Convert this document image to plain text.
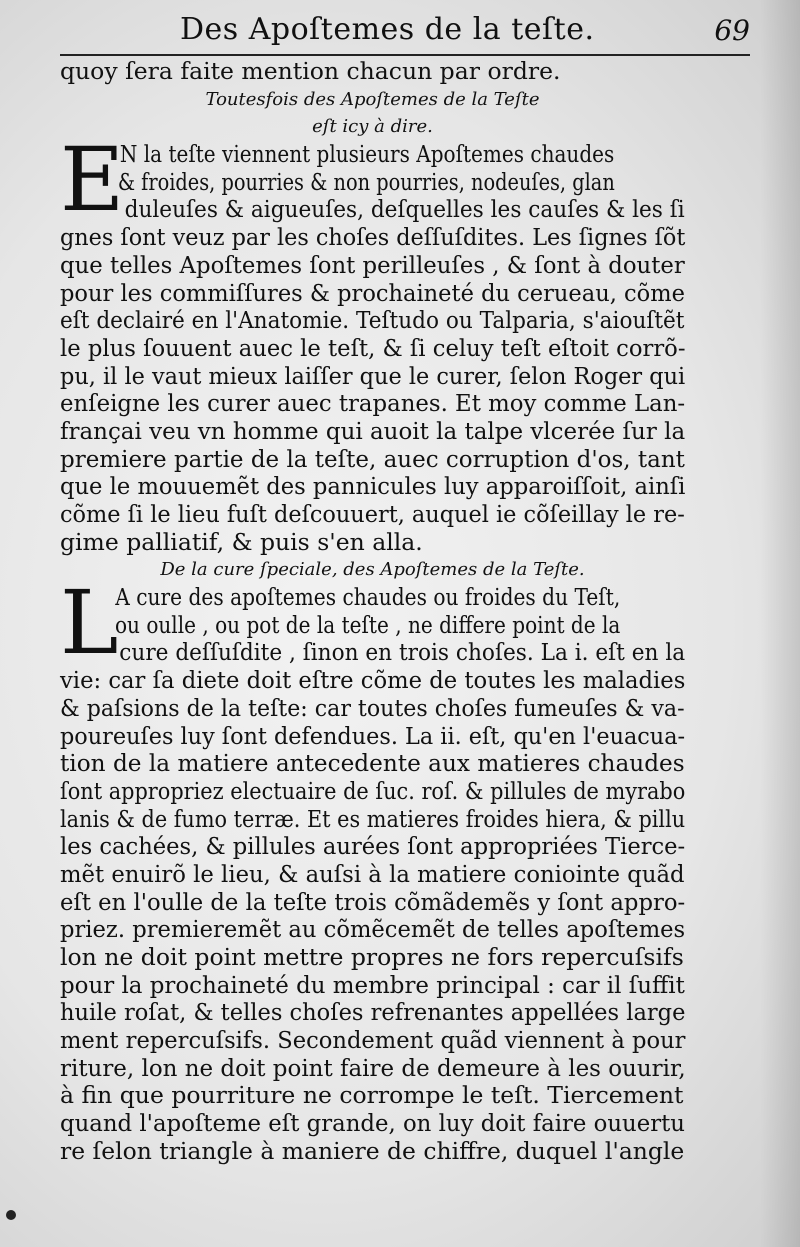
Des Apoſtemes de la teſte.	69
quoy ſera faite mention chacun par ordre.
Toutesfois des Apoſtemes de la Teſte
eſt icy à dire.
E
N la teſte viennent plusieurs Apoſtemes chaudes
& froides, pourries & non pourries, nodeuſes, glan
duleuſes & aigueuſes, deſquelles les cauſes & les ſi
gnes ſont veuz par les choſes deſſuſdites. Les ſignes ſõt
que telles Apoſtemes ſont perilleuſes , & ſont à douter
pour les commiſſures & prochaineté du cerueau, cõme
eſt declairé en l'Anatomie. Teſtudo ou Talparia, s'aiouſtẽt
le plus ſouuent auec le teſt, & ſi celuy teſt eſtoit corrõ-
pu, il le vaut mieux laiſſer que le curer, ſelon Roger qui
enſeigne les curer auec trapanes. Et moy comme Lan-
françai veu vn homme qui auoit la talpe vlcerée ſur la
premiere partie de la teſte, auec corruption d'os, tant
que le mouuemẽt des pannicules luy apparoiſſoit, ainſi
cõme ſi le lieu fuſt deſcouuert, auquel ie cõſeillay le re-
gime palliatif, & puis s'en alla.
De la cure ſpeciale, des Apoſtemes de la Teſte.
L
A cure des apoſtemes chaudes ou froides du Teſt,
ou oulle , ou pot de la teſte , ne differe point de la
cure deſſuſdite , ſinon en trois choſes. La i. eſt en la
vie: car ſa diete doit eſtre cõme de toutes les maladies
& paſsions de la teſte: car toutes choſes fumeuſes & va-
poureuſes luy ſont defendues. La ii. eſt, qu'en l'euacua-
tion de la matiere antecedente aux matieres chaudes
ſont appropriez electuaire de ſuc. roſ. & pillules de myrabo
lanis & de fumo terræ. Et es matieres froides hiera, & pillu
les cachées, & pillules aurées ſont appropriées Tierce-
mẽt enuirõ le lieu, & auſsi à la matiere coniointe quãd
eſt en l'oulle de la teſte trois cõmãdemẽs y ſont appro-
priez. premieremẽt au cõmẽcemẽt de telles apoſtemes
lon ne doit point mettre propres ne fors repercuſsifs
pour la prochaineté du membre principal : car il ſuffit
huile roſat, & telles choſes refrenantes appellées large
ment repercuſsifs. Secondement quãd viennent à pour
riture, lon ne doit point faire de demeure à les ouurir,
à fin que pourriture ne corrompe le teſt. Tiercement
quand l'apoſteme eſt grande, on luy doit faire ouuertu
re ſelon triangle à maniere de chiffre, duquel l'angle
